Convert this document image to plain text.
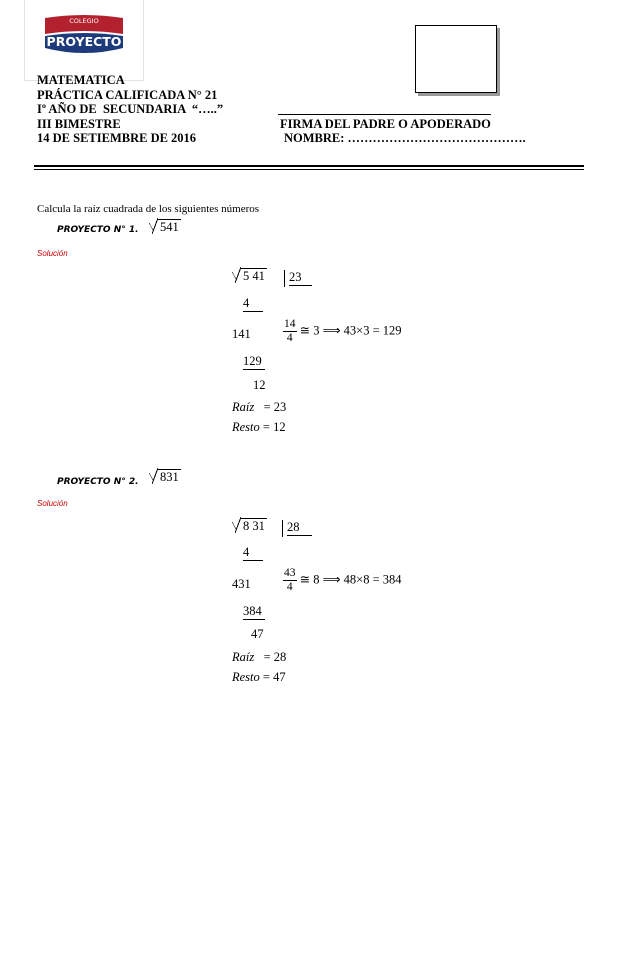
COLEGIO
PROYECTO
MATEMATICA
PRÁCTICA CALIFICADA N° 21
Iº AÑO DE  SECUNDARIA  “…..”
III BIMESTRE
14 DE SETIEMBRE DE 2016
FIRMA DEL PADRE O APODERADO
NOMBRE: …………………………………….
Calcula la raíz cuadrada de los siguientes números
PROYECTO N° 1.	541
Solución
5 41	23
4
141	$\frac{14}{4}$ ≅ 3 ⟹ 43×3 = 129
129
12
Raíz = 23
Resto = 12
PROYECTO N° 2.	831
Solución
8 31	28
4
431	$\frac{43}{4}$ ≅ 8 ⟹ 48×8 = 384
384
47
Raíz = 28
Resto = 47
